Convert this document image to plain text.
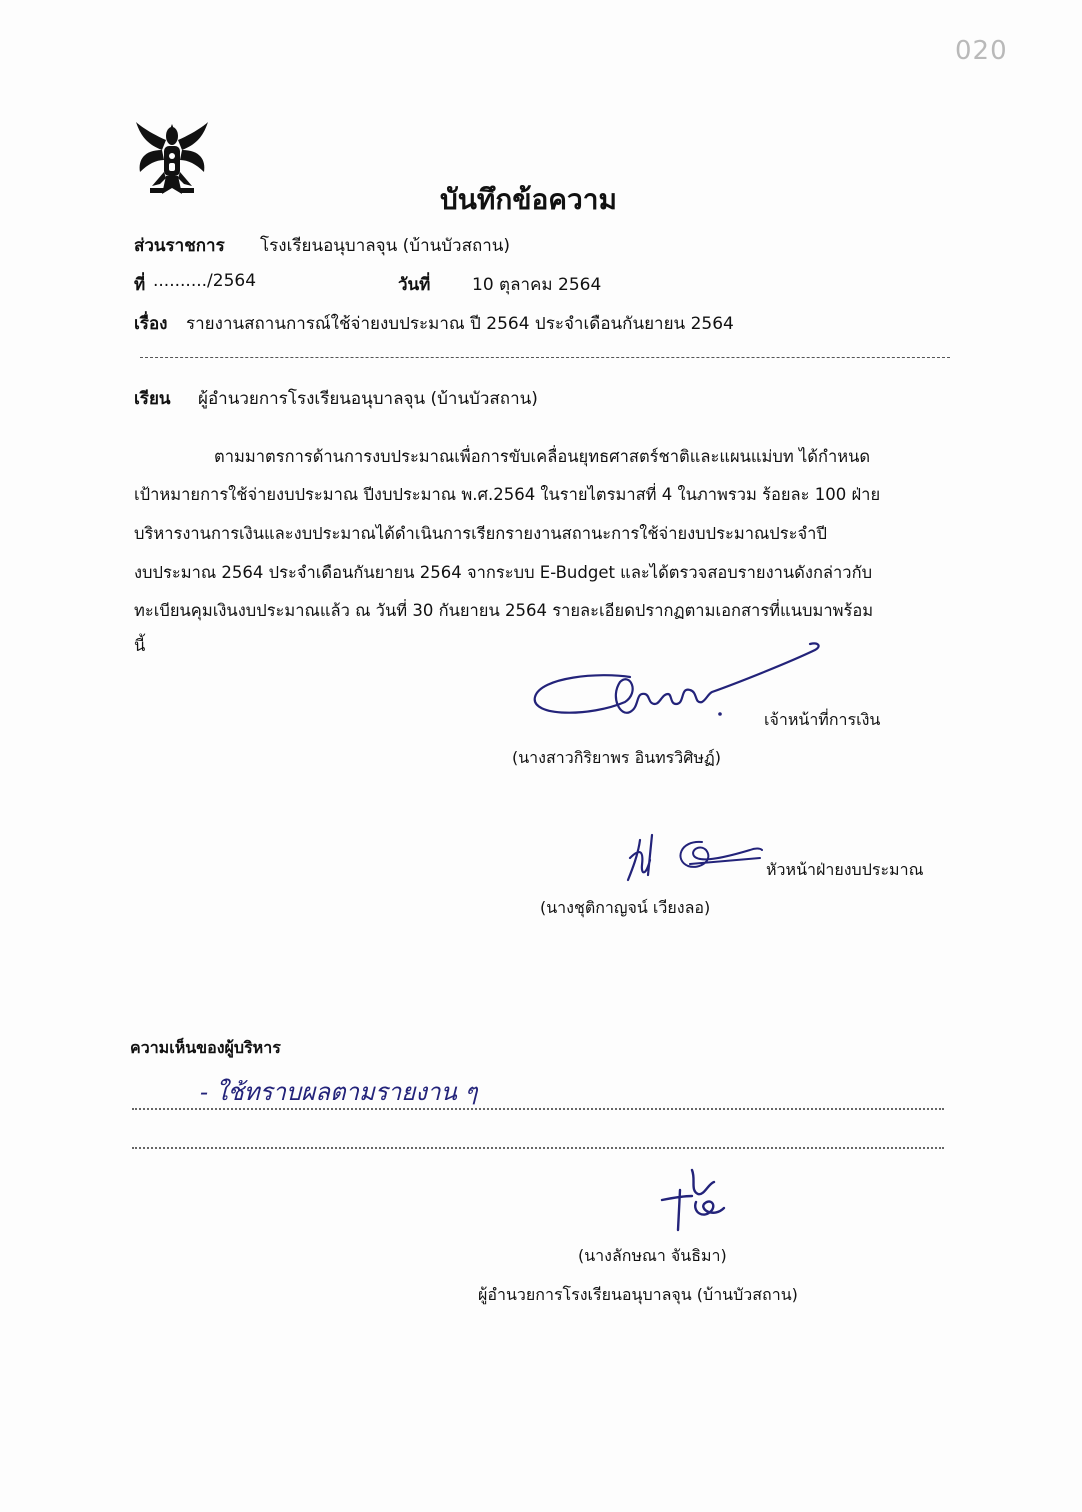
020
บันทึกข้อความ
ส่วนราชการ โรงเรียนอนุบาลจุน (บ้านบัวสถาน)
ที่ ........../2564	วันที่ 10 ตุลาคม 2564
เรื่อง รายงานสถานการณ์ใช้จ่ายงบประมาณ ปี 2564 ประจำเดือนกันยายน 2564
เรียน ผู้อำนวยการโรงเรียนอนุบาลจุน (บ้านบัวสถาน)
ตามมาตรการด้านการงบประมาณเพื่อการขับเคลื่อนยุทธศาสตร์ชาติและแผนแม่บท ได้กำหนด
เป้าหมายการใช้จ่ายงบประมาณ ปีงบประมาณ พ.ศ.2564 ในรายไตรมาสที่ 4 ในภาพรวม ร้อยละ 100 ฝ่าย
บริหารงานการเงินและงบประมาณได้ดำเนินการเรียกรายงานสถานะการใช้จ่ายงบประมาณประจำปี
งบประมาณ 2564 ประจำเดือนกันยายน 2564 จากระบบ E-Budget และได้ตรวจสอบรายงานดังกล่าวกับ
ทะเบียนคุมเงินงบประมาณแล้ว ณ วันที่ 30 กันยายน 2564 รายละเอียดปรากฏตามเอกสารที่แนบมาพร้อม
นี้
เจ้าหน้าที่การเงิน
(นางสาวกิริยาพร อินทรวิศิษฏ์)
หัวหน้าฝ่ายงบประมาณ
(นางชุติกาญจน์ เวียงลอ)
ความเห็นของผู้บริหาร
- ใช้ทราบผลตามรายงาน ๆ
(นางลักษณา จันธิมา)
ผู้อำนวยการโรงเรียนอนุบาลจุน (บ้านบัวสถาน)
